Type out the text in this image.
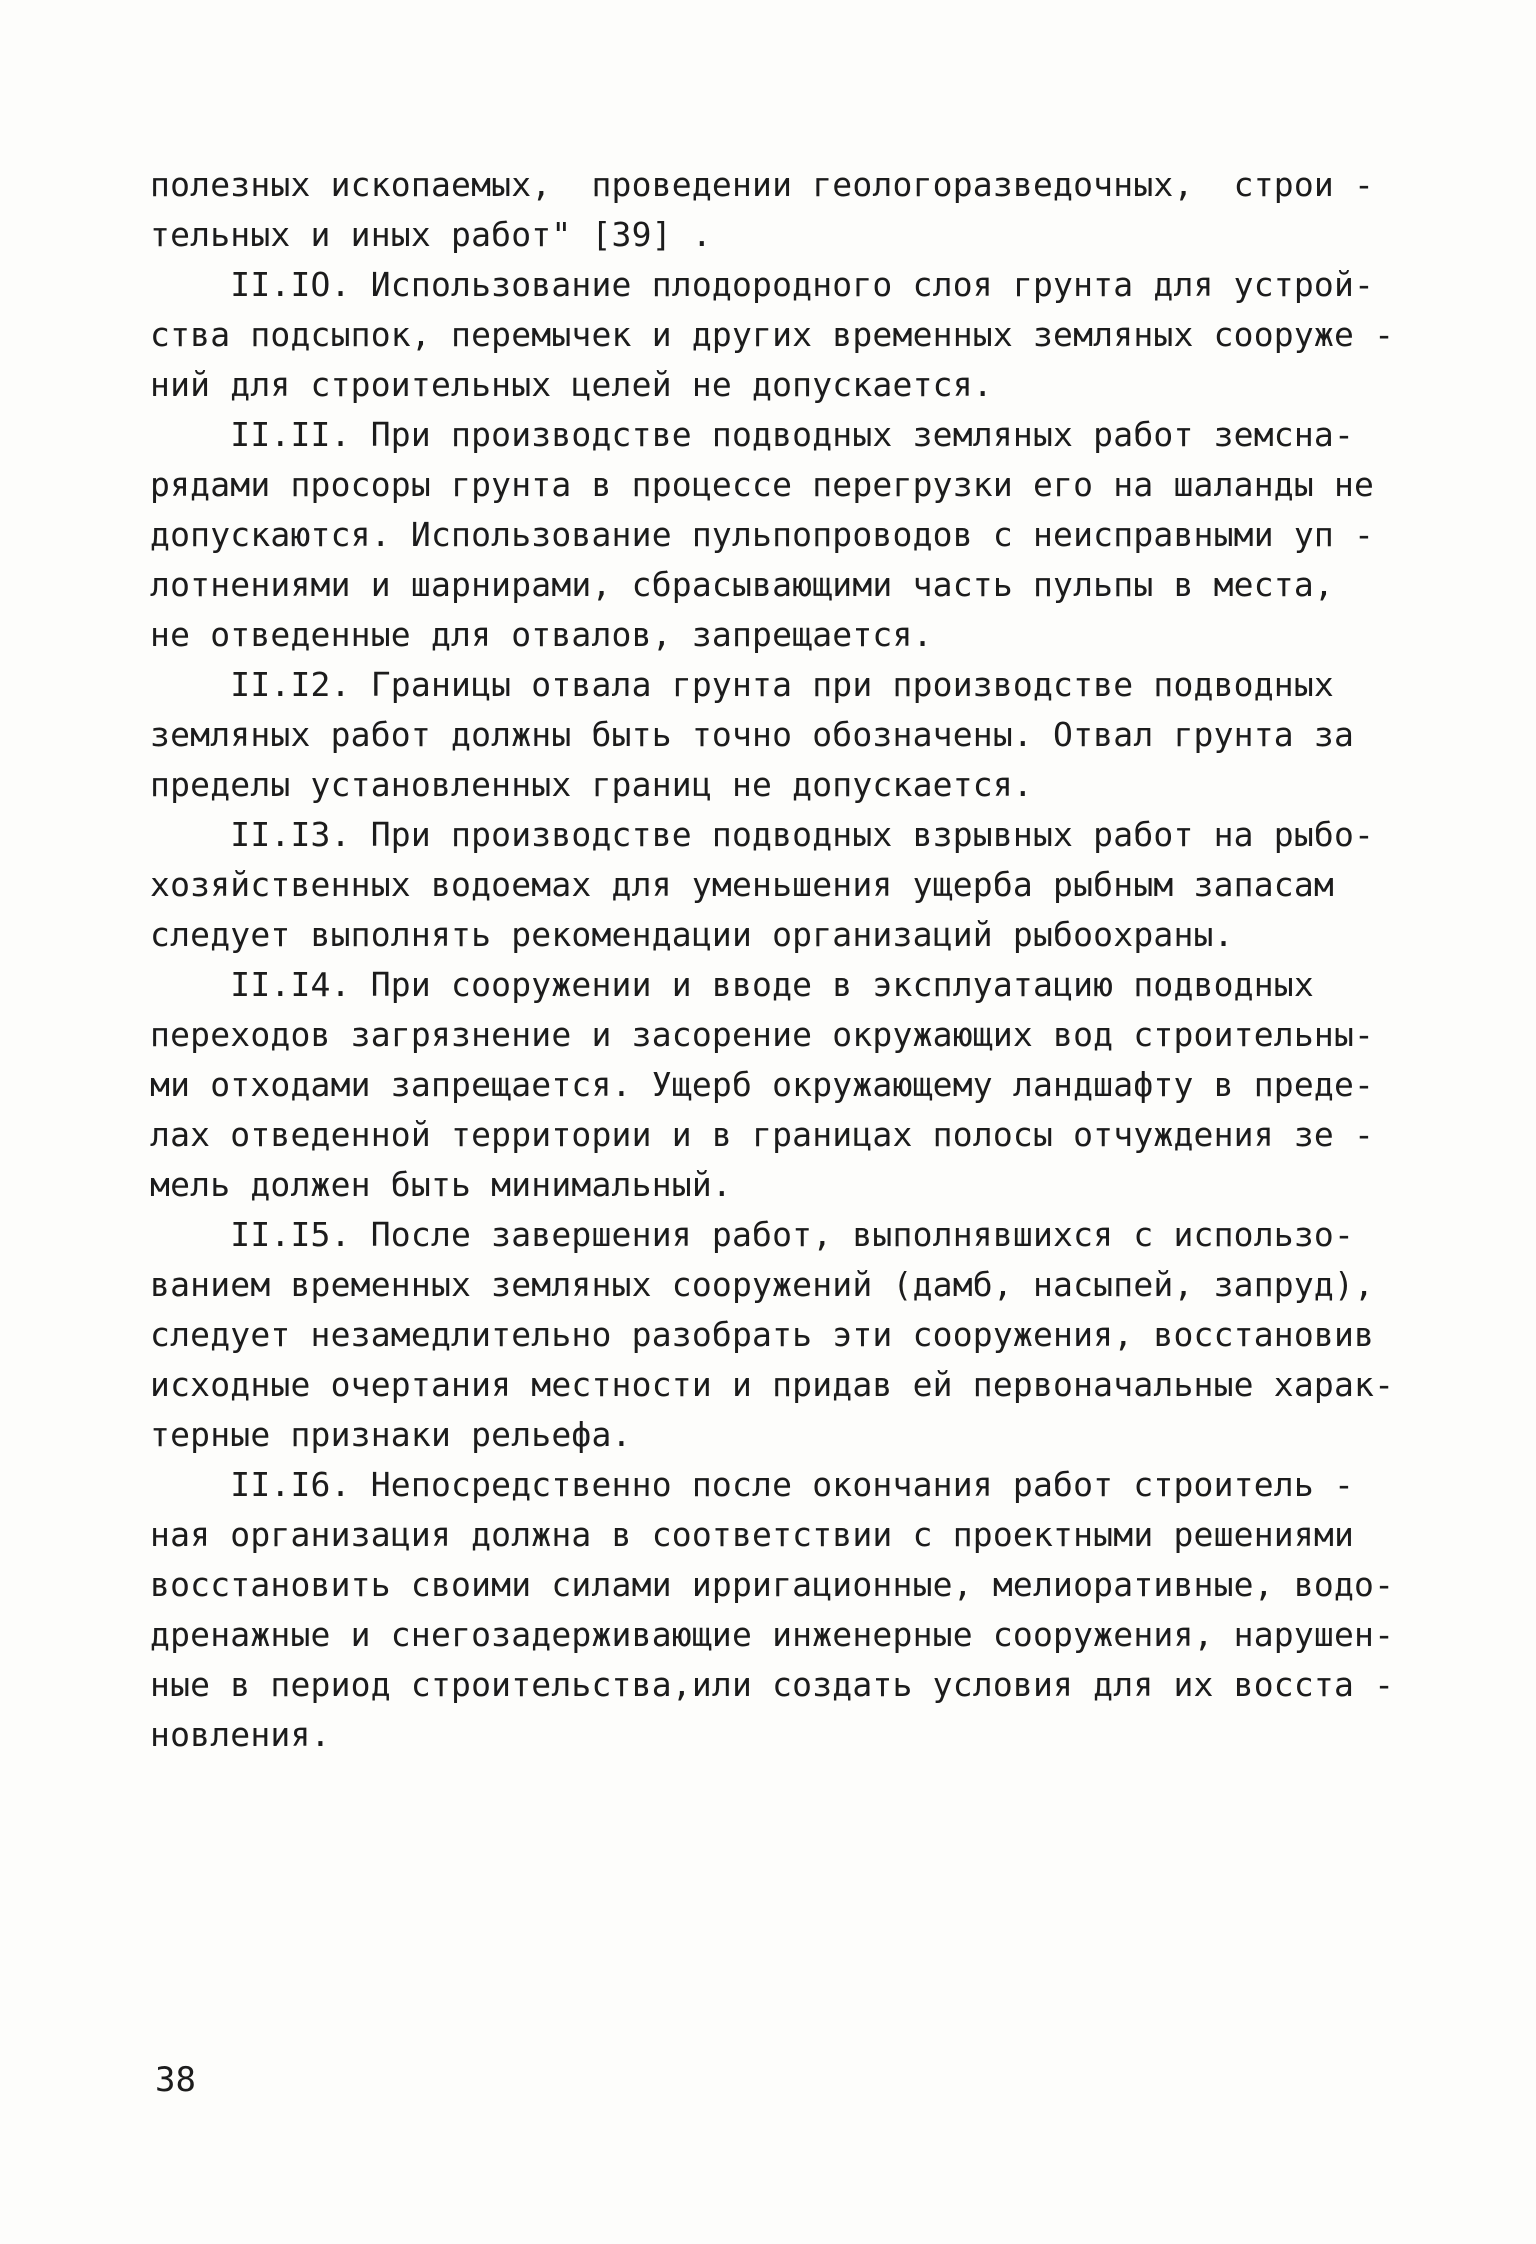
полезных ископаемых,  проведении геологоразведочных,  строи -
тельных и иных работ" [39] .
II.IO. Использование плодородного слоя грунта для устрой-
ства подсыпок, перемычек и других временных земляных сооруже -
ний для строительных целей не допускается.
II.II. При производстве подводных земляных работ земсна-
рядами просоры грунта в процессе перегрузки его на шаланды не
допускаются. Использование пульпопроводов с неисправными уп -
лотнениями и шарнирами, сбрасывающими часть пульпы в места,
не отведенные для отвалов, запрещается.
II.I2. Границы отвала грунта при производстве подводных
земляных работ должны быть точно обозначены. Отвал грунта за
пределы установленных границ не допускается.
II.I3. При производстве подводных взрывных работ на рыбо-
хозяйственных водоемах для уменьшения ущерба рыбным запасам
следует выполнять рекомендации организаций рыбоохраны.
II.I4. При сооружении и вводе в эксплуатацию подводных
переходов загрязнение и засорение окружающих вод строительны-
ми отходами запрещается. Ущерб окружающему ландшафту в преде-
лах отведенной территории и в границах полосы отчуждения зе -
мель должен быть минимальный.
II.I5. После завершения работ, выполнявшихся с использо-
ванием временных земляных сооружений (дамб, насыпей, запруд),
следует незамедлительно разобрать эти сооружения, восстановив
исходные очертания местности и придав ей первоначальные харак-
терные признаки рельефа.
II.I6. Непосредственно после окончания работ строитель -
ная организация должна в соответствии с проектными решениями
восстановить своими силами ирригационные, мелиоративные, водо-
дренажные и снегозадерживающие инженерные сооружения, нарушен-
ные в период строительства,или создать условия для их восста -
новления.
38
